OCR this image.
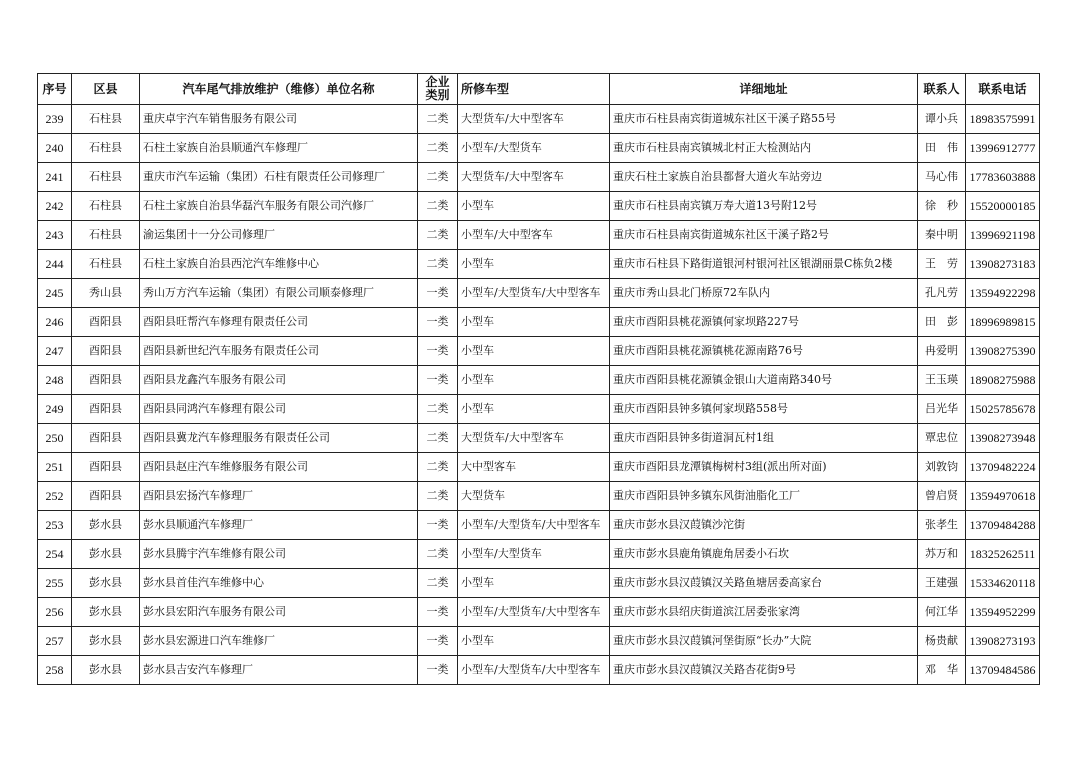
序号	区县	汽车尾气排放维护（维修）单位名称	企业
类别	所修车型	详细地址	联系人	联系电话
239	石柱县	重庆卓宇汽车销售服务有限公司	二类	大型货车/大中型客车	重庆市石柱县南宾街道城东社区干溪子路55号	谭小兵	18983575991
240	石柱县	石柱土家族自治县顺通汽车修理厂	二类	小型车/大型货车	重庆市石柱县南宾镇城北村正大检测站内	田　伟	13996912777
241	石柱县	重庆市汽车运输（集团）石柱有限责任公司修理厂	二类	大型货车/大中型客车	重庆石柱土家族自治县都督大道火车站旁边	马心伟	17783603888
242	石柱县	石柱土家族自治县华磊汽车服务有限公司汽修厂	二类	小型车	重庆市石柱县南宾镇万寿大道13号附12号	徐　秒	15520000185
243	石柱县	渝运集团十一分公司修理厂	二类	小型车/大中型客车	重庆市石柱县南宾街道城东社区干溪子路2号	秦中明	13996921198
244	石柱县	石柱土家族自治县西沱汽车维修中心	二类	小型车	重庆市石柱县下路街道银河村银河社区银湖丽景C栋负2楼	王　劳	13908273183
245	秀山县	秀山万方汽车运输（集团）有限公司顺泰修理厂	一类	小型车/大型货车/大中型客车	重庆市秀山县北门桥原72车队内	孔凡劳	13594922298
246	酉阳县	酉阳县旺帮汽车修理有限责任公司	一类	小型车	重庆市酉阳县桃花源镇何家坝路227号	田　彭	18996989815
247	酉阳县	酉阳县新世纪汽车服务有限责任公司	一类	小型车	重庆市酉阳县桃花源镇桃花源南路76号	冉爱明	13908275390
248	酉阳县	酉阳县龙鑫汽车服务有限公司	一类	小型车	重庆市酉阳县桃花源镇金银山大道南路340号	王玉瑛	18908275988
249	酉阳县	酉阳县同鸿汽车修理有限公司	二类	小型车	重庆市酉阳县钟多镇何家坝路558号	吕光华	15025785678
250	酉阳县	酉阳县冀龙汽车修理服务有限责任公司	二类	大型货车/大中型客车	重庆市酉阳县钟多街道洞瓦村1组	覃忠位	13908273948
251	酉阳县	酉阳县赵庄汽车维修服务有限公司	二类	大中型客车	重庆市酉阳县龙潭镇梅树村3组(派出所对面)	刘敦钧	13709482224
252	酉阳县	酉阳县宏扬汽车修理厂	二类	大型货车	重庆市酉阳县钟多镇东风街油脂化工厂	曾启贤	13594970618
253	彭水县	彭水县顺通汽车修理厂	一类	小型车/大型货车/大中型客车	重庆市彭水县汉葭镇沙沱街	张孝生	13709484288
254	彭水县	彭水县腾宇汽车维修有限公司	二类	小型车/大型货车	重庆市彭水县鹿角镇鹿角居委小石坎	苏万和	18325262511
255	彭水县	彭水县首佳汽车维修中心	二类	小型车	重庆市彭水县汉葭镇汉关路鱼塘居委高家台	王建强	15334620118
256	彭水县	彭水县宏阳汽车服务有限公司	一类	小型车/大型货车/大中型客车	重庆市彭水县绍庆街道滨江居委张家湾	何江华	13594952299
257	彭水县	彭水县宏源进口汽车维修厂	一类	小型车	重庆市彭水县汉葭镇河堡街原“长办”大院	杨贵献	13908273193
258	彭水县	彭水县吉安汽车修理厂	一类	小型车/大型货车/大中型客车	重庆市彭水县汉葭镇汉关路杏花街9号	邓　华	13709484586
